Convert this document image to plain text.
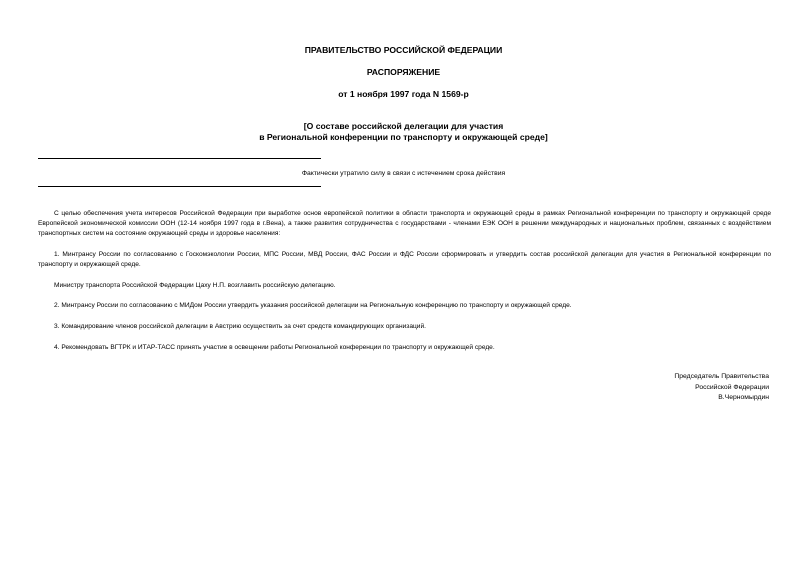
ПРАВИТЕЛЬСТВО РОССИЙСКОЙ ФЕДЕРАЦИИ
РАСПОРЯЖЕНИЕ
от 1 ноября 1997 года N 1569-р
[О составе российской делегации для участия
в Региональной конференции по транспорту и окружающей среде]
Фактически утратило силу в связи с истечением срока действия
С целью обеспечения учета интересов Российской Федерации при выработке основ европейской политики в области транспорта и окружающей среды в рамках Региональной конференции по транспорту и окружающей среде Европейской экономической комиссии ООН (12-14 ноября 1997 года в г.Вена), а также развития сотрудничества с государствами - членами ЕЭК ООН в решении международных и национальных проблем, связанных с воздействием транспортных систем на состояние окружающей среды и здоровье населения:
1. Минтрансу России по согласованию с Госкомэкологии России, МПС России, МВД России, ФАС России и ФДС России сформировать и утвердить состав российской делегации для участия в Региональной конференции по транспорту и окружающей среде.
Министру транспорта Российской Федерации Цаху Н.П. возглавить российскую делегацию.
2. Минтрансу России по согласованию с МИДом России утвердить указания российской делегации на Региональную конференцию по транспорту и окружающей среде.
3. Командирование членов российской делегации в Австрию осуществить за счет средств командирующих организаций.
4. Рекомендовать ВГТРК и ИТАР-ТАСС принять участие в освещении работы Региональной конференции по транспорту и окружающей среде.
Председатель Правительства
Российской Федерации
В.Черномырдин
